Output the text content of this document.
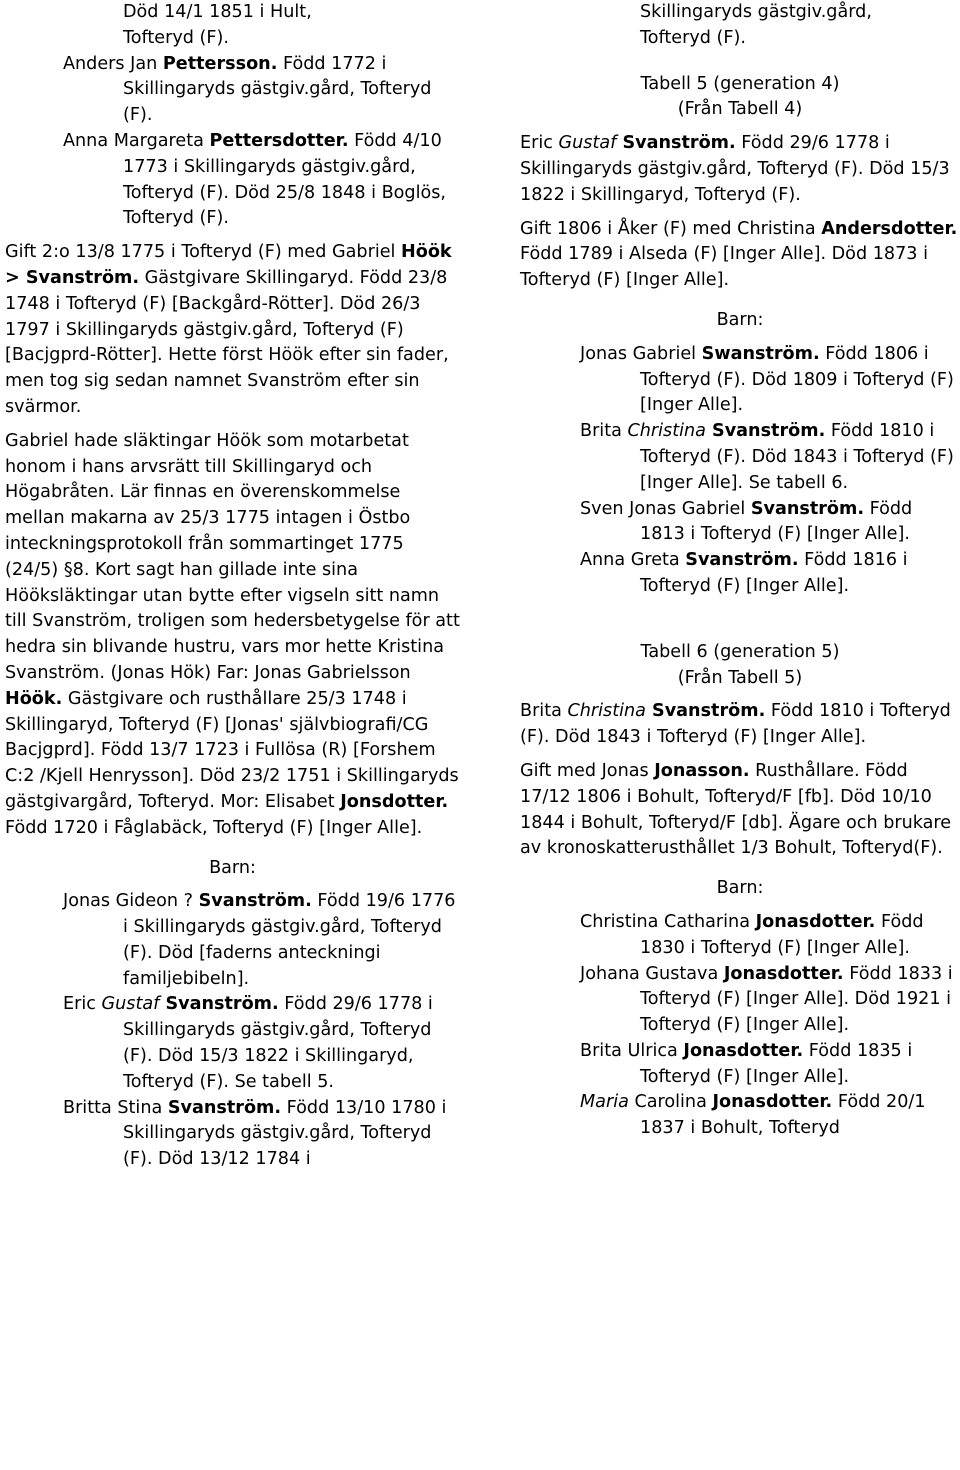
Död 14/1 1851 i Hult,

Tofteryd (F).

Anders Jan Pettersson. Född 1772 i Skillingaryds gästgiv.gård, Tofteryd (F).

Anna Margareta Pettersdotter. Född 4/10 1773 i Skillingaryds gästgiv.gård, Tofteryd (F). Död 25/8 1848 i Boglös, Tofteryd (F).

Gift 2:o 13/8 1775 i Tofteryd (F) med Gabriel Höök > Svanström. Gästgivare Skillingaryd. Född 23/8 1748 i Tofteryd (F) [Backgård-Rötter]. Död 26/3 1797 i Skillingaryds gästgiv.gård, Tofteryd (F) [Bacjgprd-Rötter]. Hette först Höök efter sin fader, men tog sig sedan namnet Svanström efter sin svärmor.

Gabriel hade släktingar Höök som motarbetat honom i hans arvsrätt till Skillingaryd och Högabråten. Lär finnas en överenskommelse mellan makarna av 25/3 1775 intagen i Östbo inteckningsprotokoll från sommartinget 1775 (24/5) §8. Kort sagt han gillade inte sina Hööksläktingar utan bytte efter vigseln sitt namn till Svanström, troligen som hedersbetygelse för att hedra sin blivande hustru, vars mor hette Kristina Svanström. (Jonas Hök) Far: Jonas Gabrielsson Höök. Gästgivare och rusthållare 25/3 1748 i Skillingaryd, Tofteryd (F) [Jonas' självbiografi/CG Bacjgprd]. Född 13/7 1723 i Fullösa (R) [Forshem C:2 /Kjell Henrysson]. Död 23/2 1751 i Skillingaryds gästgivargård, Tofteryd. Mor: Elisabet Jonsdotter. Född 1720 i Fåglabäck, Tofteryd (F) [Inger Alle].

Barn:

Jonas Gideon ? Svanström. Född 19/6 1776 i Skillingaryds gästgiv.gård, Tofteryd (F). Död [faderns anteckningi familjebibeln].

Eric Gustaf Svanström. Född 29/6 1778 i Skillingaryds gästgiv.gård, Tofteryd (F). Död 15/3 1822 i Skillingaryd, Tofteryd (F). Se tabell 5.

Britta Stina Svanström. Född 13/10 1780 i Skillingaryds gästgiv.gård, Tofteryd (F). Död 13/12 1784 i

Skillingaryds gästgiv.gård,

Tofteryd (F).

Tabell 5 (generation 4)

(Från Tabell 4)

Eric Gustaf Svanström. Född 29/6 1778 i Skillingaryds gästgiv.gård, Tofteryd (F). Död 15/3 1822 i Skillingaryd, Tofteryd (F).

Gift 1806 i Åker (F) med Christina Andersdotter. Född 1789 i Alseda (F) [Inger Alle]. Död 1873 i Tofteryd (F) [Inger Alle].

Barn:

Jonas Gabriel Swanström. Född 1806 i Tofteryd (F). Död 1809 i Tofteryd (F) [Inger Alle].

Brita Christina Svanström. Född 1810 i Tofteryd (F). Död 1843 i Tofteryd (F) [Inger Alle]. Se tabell 6.

Sven Jonas Gabriel Svanström. Född 1813 i Tofteryd (F) [Inger Alle].

Anna Greta Svanström. Född 1816 i Tofteryd (F) [Inger Alle].

Tabell 6 (generation 5)

(Från Tabell 5)

Brita Christina Svanström. Född 1810 i Tofteryd (F). Död 1843 i Tofteryd (F) [Inger Alle].

Gift med Jonas Jonasson. Rusthållare. Född 17/12 1806 i Bohult, Tofteryd/F [fb]. Död 10/10 1844 i Bohult, Tofteryd/F [db]. Ägare och brukare av kronoskatterusthållet 1/3 Bohult, Tofteryd(F).

Barn:

Christina Catharina Jonasdotter. Född 1830 i Tofteryd (F) [Inger Alle].

Johana Gustava Jonasdotter. Född 1833 i Tofteryd (F) [Inger Alle]. Död 1921 i Tofteryd (F) [Inger Alle].

Brita Ulrica Jonasdotter. Född 1835 i Tofteryd (F) [Inger Alle].

Maria Carolina Jonasdotter. Född 20/1 1837 i Bohult, Tofteryd
